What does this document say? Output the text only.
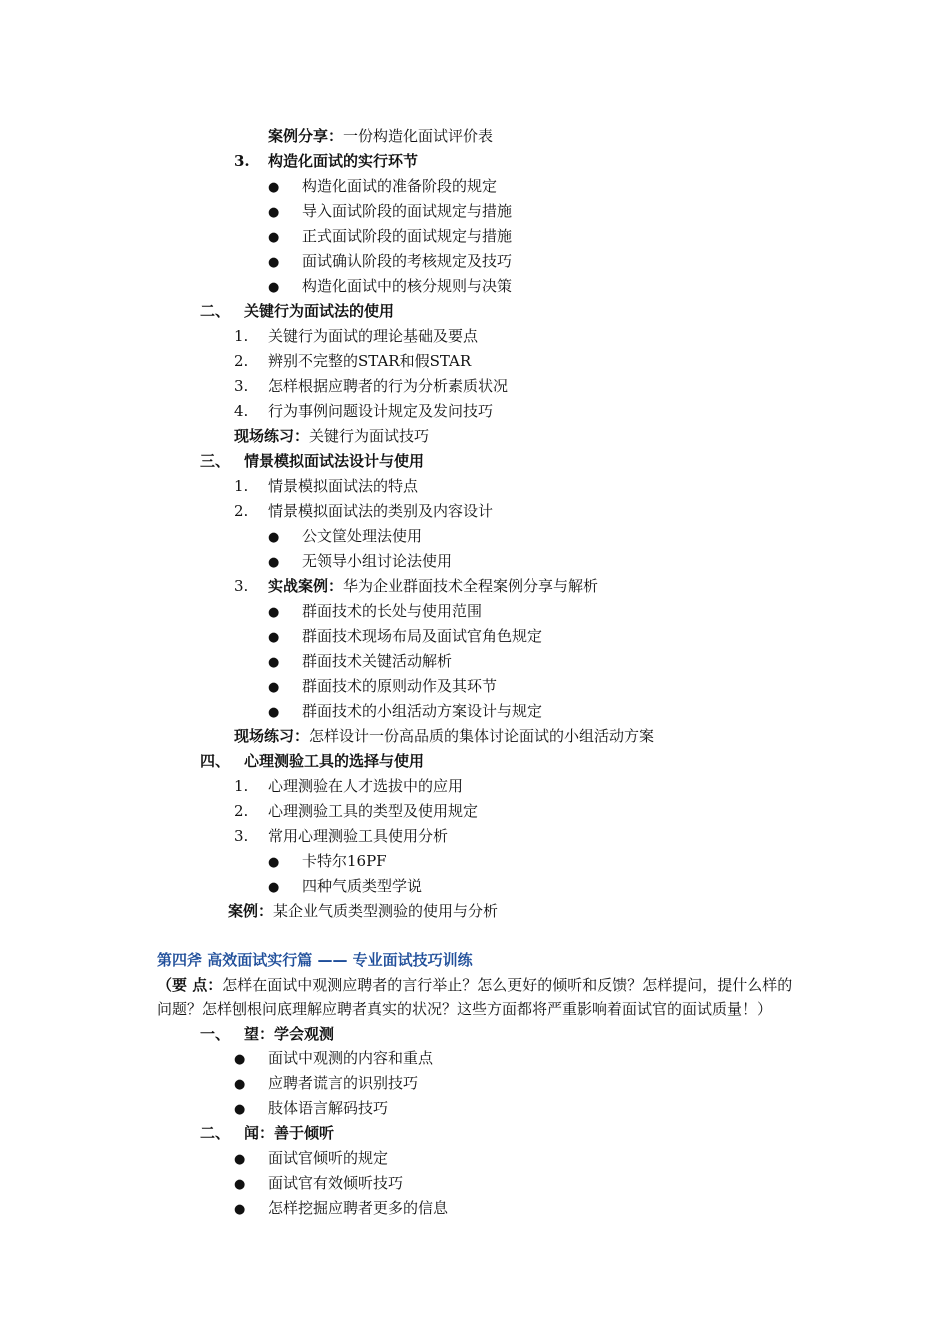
案例分享：一份构造化面试评价表
3. 构造化面试的实行环节
● 构造化面试的准备阶段的规定
● 导入面试阶段的面试规定与措施
● 正式面试阶段的面试规定与措施
● 面试确认阶段的考核规定及技巧
● 构造化面试中的核分规则与决策
二、 关键行为面试法的使用
1. 关键行为面试的理论基础及要点
2. 辨别不完整的STAR和假STAR
3. 怎样根据应聘者的行为分析素质状况
4. 行为事例问题设计规定及发问技巧
现场练习：关键行为面试技巧
三、 情景模拟面试法设计与使用
1. 情景模拟面试法的特点
2. 情景模拟面试法的类别及内容设计
● 公文筐处理法使用
● 无领导小组讨论法使用
3. 实战案例：华为企业群面技术全程案例分享与解析
● 群面技术的长处与使用范围
● 群面技术现场布局及面试官角色规定
● 群面技术关键活动解析
● 群面技术的原则动作及其环节
● 群面技术的小组活动方案设计与规定
现场练习：怎样设计一份高品质的集体讨论面试的小组活动方案
四、 心理测验工具的选择与使用
1. 心理测验在人才选拔中的应用
2. 心理测验工具的类型及使用规定
3. 常用心理测验工具使用分析
● 卡特尔16PF
● 四种气质类型学说
案例：某企业气质类型测验的使用与分析
第四斧 高效面试实行篇 —— 专业面试技巧训练
（要 点：怎样在面试中观测应聘者的言行举止？怎么更好的倾听和反馈？怎样提问，提什么样的
问题？怎样刨根问底理解应聘者真实的状况？这些方面都将严重影响着面试官的面试质量！）
一、 望：学会观测
● 面试中观测的内容和重点
● 应聘者谎言的识别技巧
● 肢体语言解码技巧
二、 闻：善于倾听
● 面试官倾听的规定
● 面试官有效倾听技巧
● 怎样挖掘应聘者更多的信息
